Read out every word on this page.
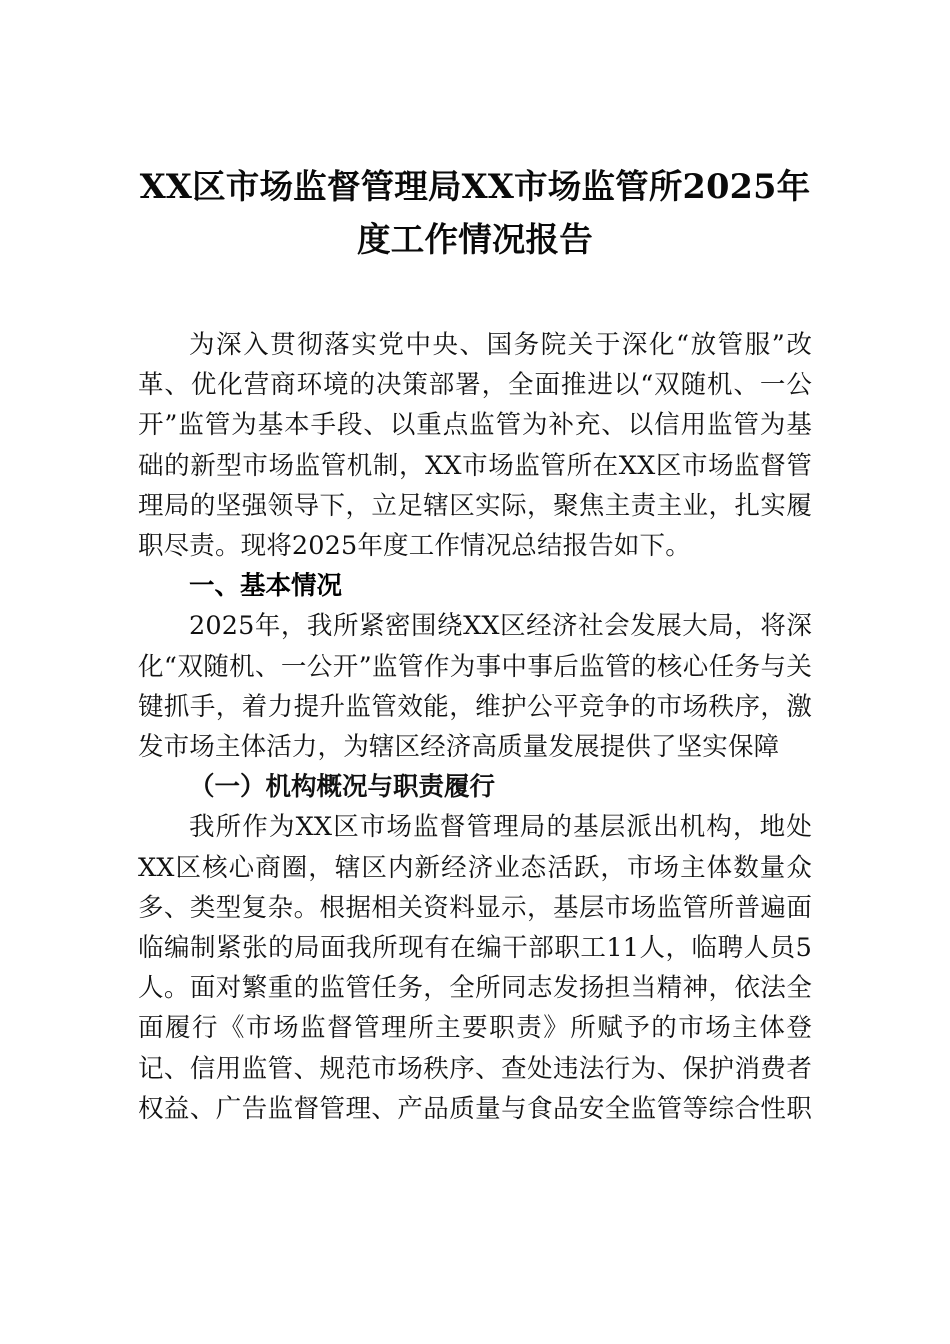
XX区市场监督管理局XX市场监管所2025年度工作情况报告

为深入贯彻落实党中央、国务院关于深化“放管服”改革、优化营商环境的决策部署，全面推进以“双随机、一公开”监管为基本手段、以重点监管为补充、以信用监管为基础的新型市场监管机制，XX市场监管所在XX区市场监督管理局的坚强领导下，立足辖区实际，聚焦主责主业，扎实履职尽责。现将2025年度工作情况总结报告如下。

一、基本情况

2025年，我所紧密围绕XX区经济社会发展大局，将深化“双随机、一公开”监管作为事中事后监管的核心任务与关键抓手，着力提升监管效能，维护公平竞争的市场秩序，激发市场主体活力，为辖区经济高质量发展提供了坚实保障

（一）机构概况与职责履行

我所作为XX区市场监督管理局的基层派出机构，地处XX区核心商圈，辖区内新经济业态活跃，市场主体数量众多、类型复杂。根据相关资料显示，基层市场监管所普遍面临编制紧张的局面我所现有在编干部职工11人，临聘人员5人。面对繁重的监管任务，全所同志发扬担当精神，依法全面履行《市场监督管理所主要职责》所赋予的市场主体登记、信用监管、规范市场秩序、查处违法行为、保护消费者权益、广告监督管理、产品质量与食品安全监管等综合性职
